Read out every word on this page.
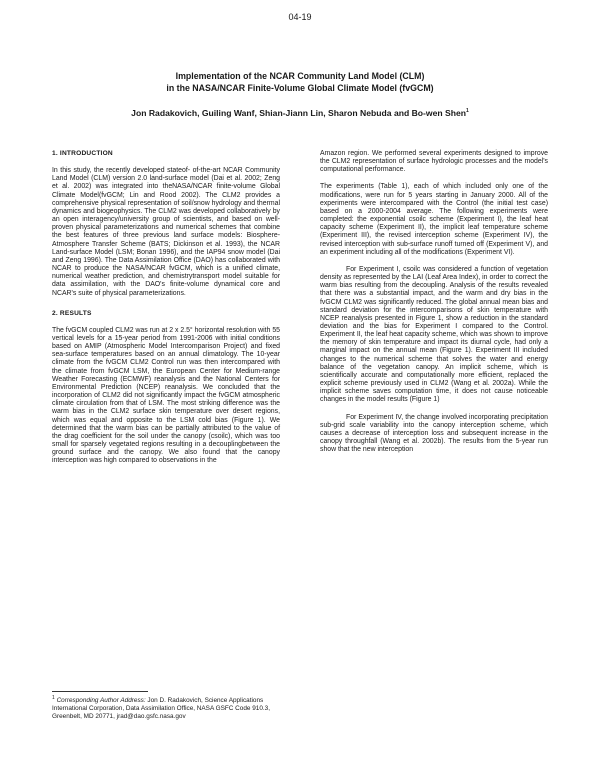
04-19
Implementation of the NCAR Community Land Model (CLM)
in the NASA/NCAR Finite-Volume Global Climate Model (fvGCM)
Jon Radakovich, Guiling Wanf, Shian-Jiann Lin, Sharon Nebuda and Bo-wen Shen$^1$
1. INTRODUCTION
In this study, the recently developed stateof- of-the-art NCAR Community Land Model (CLM) version 2.0 land-surface model (Dai et al. 2002; Zeng et al. 2002) was integrated into theNASA/NCAR finite-volume Global Climate Model(fvGCM; Lin and Rood 2002). The CLM2 provides a comprehensive physical representation of soil/snow hydrology and thermal dynamics and biogeophysics. The CLM2 was developed collaboratively by an open interagency/university group of scientists, and based on well-proven physical parameterizations and numerical schemes that combine the best features of three previous land surface models: Biosphere-Atmosphere Transfer Scheme (BATS; Dickinson et al. 1993), the NCAR Land-surface Model (LSM; Bonan 1996), and the IAP94 snow model (Dai and Zeng 1996). The Data Assimilation Office (DAO) has collaborated with NCAR to produce the NASA/NCAR fvGCM, which is a unified climate, numerical weather prediction, and chemistrytransport model suitable for data assimilation, with the DAO's finite-volume dynamical core and NCAR's suite of physical parameterizations.
2. RESULTS
The fvGCM coupled CLM2 was run at 2 x 2.5° horizontal resolution with 55 vertical levels for a 15-year period from 1991-2006 with initial conditions based on AMIP (Atmospheric Model Intercomparison Project) and fixed sea-surface temperatures based on an annual climatology. The 10-year climate from the fvGCM CLM2 Control run was then intercompared with the climate from fvGCM LSM, the European Center for Medium-range Weather Forecasting (ECMWF) reanalysis and the National Centers for Environmental Prediction (NCEP) reanalysis. We concluded that the incorporation of CLM2 did not significantly impact the fvGCM atmospheric climate circulation from that of LSM. The most striking difference was the warm bias in the CLM2 surface skin temperature over desert regions, which was equal and opposite to the LSM cold bias (Figure 1). We determined that the warm bias can be partially attributed to the value of the drag coefficient for the soil under the canopy (csoilc), which was too small for sparsely vegetated regions resulting in a decouplingbetween the ground surface and the canopy. We also found that the canopy interception was high compared to observations in the
Amazon region. We performed several experiments designed to improve the CLM2 representation of surface hydrologic processes and the model's computational performance.
The experiments (Table 1), each of which included only one of the modifications, were run for 5 years starting in January 2000. All of the experiments were intercompared with the Control (the initial test case) based on a 2000-2004 average. The following experiments were completed: the exponential csoilc scheme (Experiment I), the leaf heat capacity scheme (Experiment II), the implicit leaf temperature scheme (Experiment III), the revised interception scheme (Experiment IV), the revised interception with sub-surface runoff turned off (Experiment V), and an experiment including all of the modifications (Experiment VI).
For Experiment I, csoilc was considered a function of vegetation density as represented by the LAI (Leaf Area Index), in order to correct the warm bias resulting from the decoupling. Analysis of the results revealed that there was a substantial impact, and the warm and dry bias in the fvGCM CLM2 was significantly reduced. The global annual mean bias and standard deviation for the intercomparisons of skin temperature with NCEP reanalysis presented in Figure 1, show a reduction in the standard deviation and the bias for Experiment I compared to the Control. Experiment II, the leaf heat capacity scheme, which was shown to improve the memory of skin temperature and impact its diurnal cycle, had only a marginal impact on the annual mean (Figure 1). Experiment III included changes to the numerical scheme that solves the water and energy balance of the vegetation canopy. An implicit scheme, which is scientifically accurate and computationally more efficient, replaced the explicit scheme previously used in CLM2 (Wang et al. 2002a). While the implicit scheme saves computation time, it does not cause noticeable changes in the model results (Figure 1)
For Experiment IV, the change involved incorporating precipitation sub-grid scale variability into the canopy interception scheme, which causes a decrease of interception loss and subsequent increase in the canopy throughfall (Wang et al. 2002b). The results from the 5-year run show that the new interception
$^1$ Corresponding Author Address: Jon D. Radakovich, Science Applications International Corporation, Data Assimilation Office, NASA GSFC Code 910.3, Greenbelt, MD 20771, jrad@dao.gsfc.nasa.gov
